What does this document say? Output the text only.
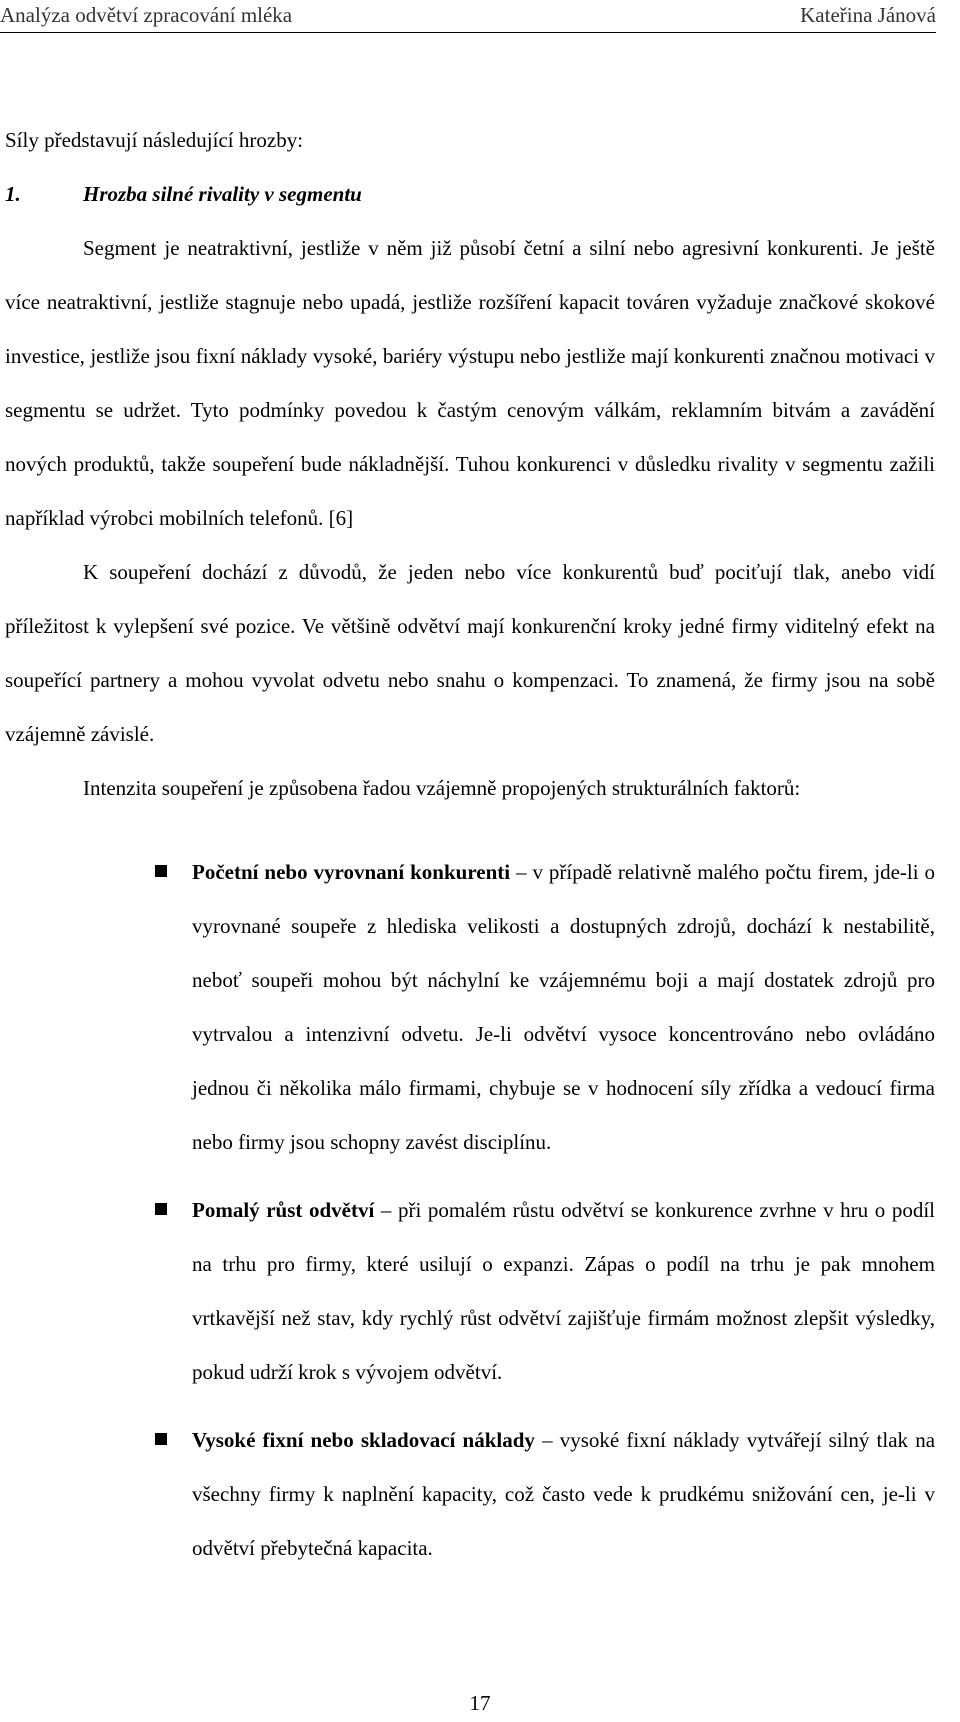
Analýza odvětví zpracování mléka	Kateřina Jánová

Síly představují následující hrozby:

1.	Hrozba silné rivality v segmentu

Segment je neatraktivní, jestliže v něm již působí četní a silní nebo agresivní konkurenti. Je ještě více neatraktivní, jestliže stagnuje nebo upadá, jestliže rozšíření kapacit továren vyžaduje značkové skokové investice, jestliže jsou fixní náklady vysoké, bariéry výstupu nebo jestliže mají konkurenti značnou motivaci v segmentu se udržet. Tyto podmínky povedou k častým cenovým válkám, reklamním bitvám a zavádění nových produktů, takže soupeření bude nákladnější. Tuhou konkurenci v důsledku rivality v segmentu zažili například výrobci mobilních telefonů. [6]

K soupeření dochází z důvodů, že jeden nebo více konkurentů buď pociťují tlak, anebo vidí příležitost k vylepšení své pozice. Ve většině odvětví mají konkurenční kroky jedné firmy viditelný efekt na soupeřící partnery a mohou vyvolat odvetu nebo snahu o kompenzaci. To znamená, že firmy jsou na sobě vzájemně závislé.

Intenzita soupeření je způsobena řadou vzájemně propojených strukturálních faktorů:

Početní nebo vyrovnaní konkurenti – v případě relativně malého počtu firem, jde-li o vyrovnané soupeře z hlediska velikosti a dostupných zdrojů, dochází k nestabilitě, neboť soupeři mohou být náchylní ke vzájemnému boji a mají dostatek zdrojů pro vytrvalou a intenzivní odvetu. Je-li odvětví vysoce koncentrováno nebo ovládáno jednou či několika málo firmami, chybuje se v hodnocení síly zřídka a vedoucí firma nebo firmy jsou schopny zavést disciplínu.
Pomalý růst odvětví – při pomalém růstu odvětví se konkurence zvrhne v hru o podíl na trhu pro firmy, které usilují o expanzi. Zápas o podíl na trhu je pak mnohem vrtkavější než stav, kdy rychlý růst odvětví zajišťuje firmám možnost zlepšit výsledky, pokud udrží krok s vývojem odvětví.
Vysoké fixní nebo skladovací náklady – vysoké fixní náklady vytvářejí silný tlak na všechny firmy k naplnění kapacity, což často vede k prudkému snižování cen, je-li v odvětví přebytečná kapacita.
17
